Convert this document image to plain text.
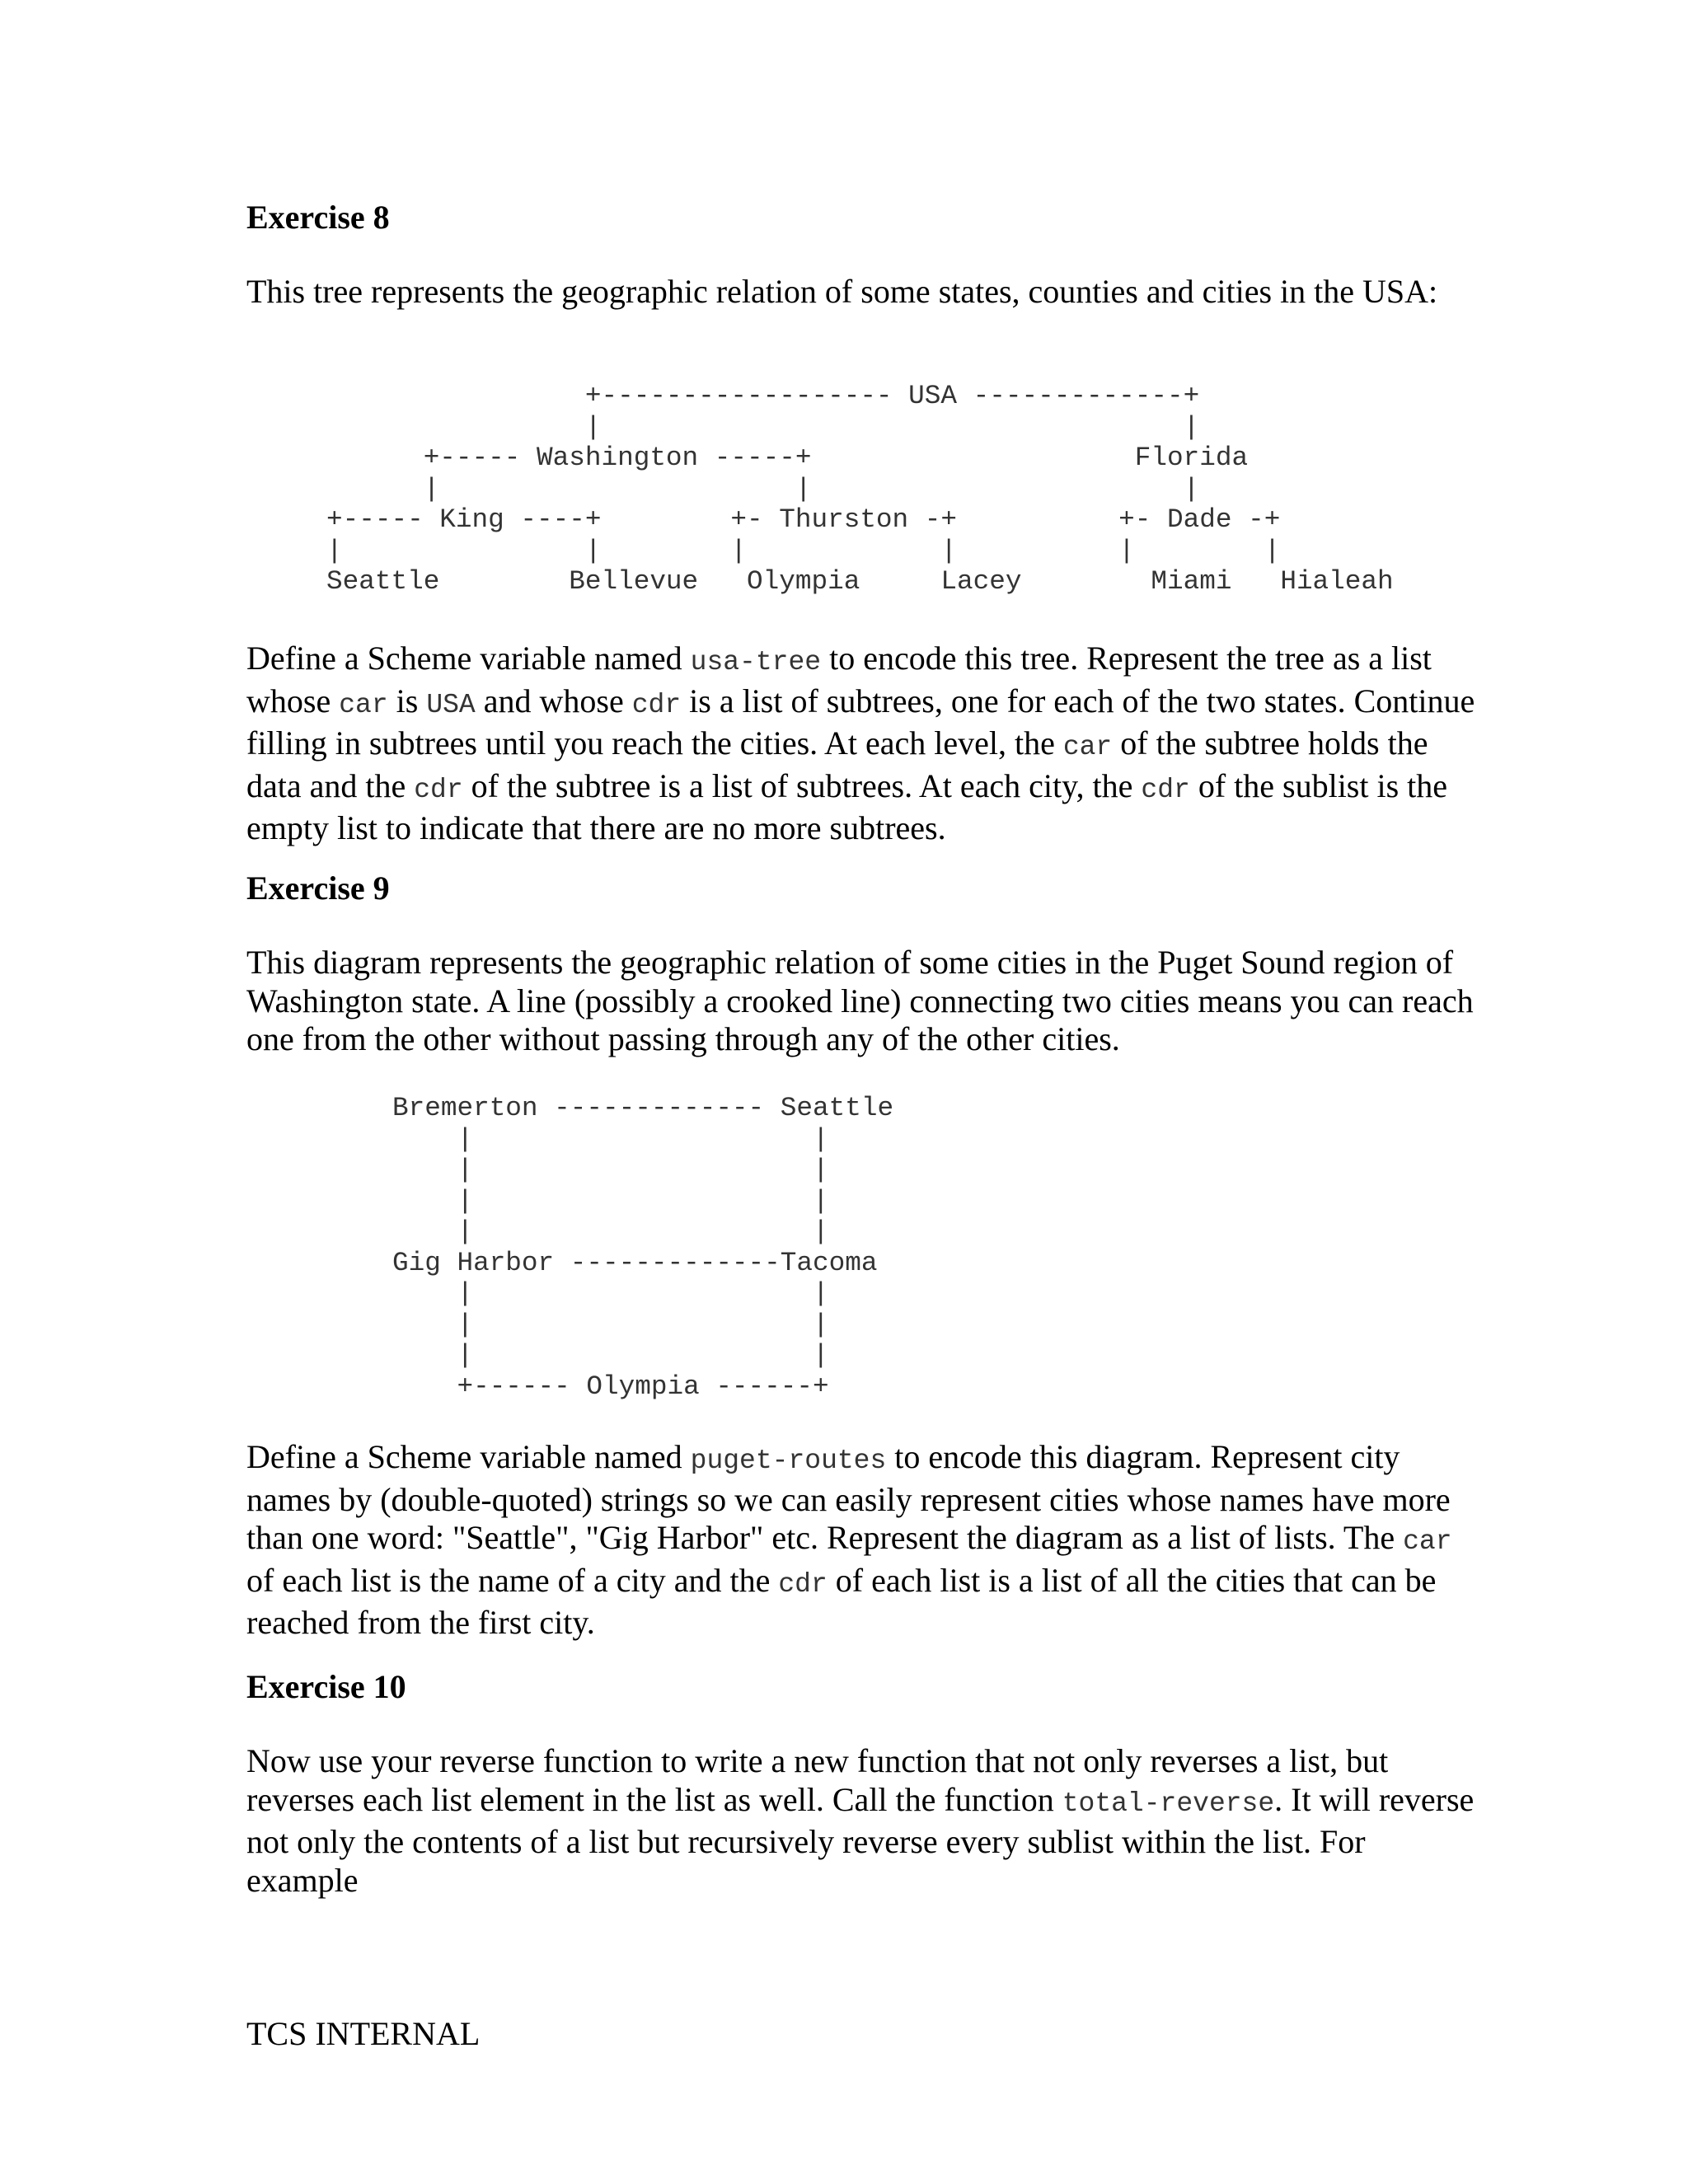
Exercise 8

This tree represents the geographic relation of some states, counties and cities in the USA:

+------------------ USA -------------+
|                                    |
+----- Washington -----+                    Florida
|                      |                       |
+----- King ----+        +- Thurston -+          +- Dade -+
|               |        |            |          |        |
Seattle        Bellevue   Olympia     Lacey        Miami   Hialeah

Define a Scheme variable named usa-tree to encode this tree. Represent the tree as a list whose car is USA and whose cdr is a list of subtrees, one for each of the two states. Continue filling in subtrees until you reach the cities. At each level, the car of the subtree holds the data and the cdr of the subtree is a list of subtrees. At each city, the cdr of the sublist is the empty list to indicate that there are no more subtrees.

Exercise 9

This diagram represents the geographic relation of some cities in the Puget Sound region of Washington state. A line (possibly a crooked line) connecting two cities means you can reach one from the other without passing through any of the other cities.

Bremerton ------------- Seattle
|                     |
|                     |
|                     |
|                     |
Gig Harbor -------------Tacoma
|                     |
|                     |
|                     |
+------ Olympia ------+

Define a Scheme variable named puget-routes to encode this diagram. Represent city names by (double-quoted) strings so we can easily represent cities whose names have more than one word: "Seattle", "Gig Harbor" etc. Represent the diagram as a list of lists. The car of each list is the name of a city and the cdr of each list is a list of all the cities that can be reached from the first city.

Exercise 10

Now use your reverse function to write a new function that not only reverses a list, but reverses each list element in the list as well. Call the function total-reverse. It will reverse not only the contents of a list but recursively reverse every sublist within the list. For example

TCS INTERNAL
